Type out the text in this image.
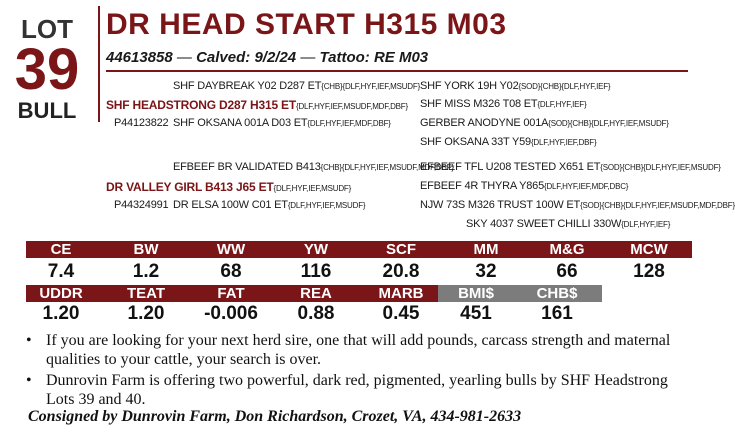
LOT
39
BULL
DR HEAD START H315 M03
44613858 — Calved: 9/2/24 — Tattoo: RE M03
SHF DAYBREAK Y02 D287 ET{CHB}{DLF,HYF,IEF,MSUDF}
SHF HEADSTRONG D287 H315 ET{DLF,HYF,IEF,MSUDF,MDF,DBF}
P44123822 SHF OKSANA 001A D03 ET{DLF,HYF,IEF,MDF,DBF}
SHF YORK 19H Y02{SOD}{CHB}{DLF,HYF,IEF}
SHF MISS M326 T08 ET{DLF,HYF,IEF}
GERBER ANODYNE 001A{SOD}{CHB}{DLF,HYF,IEF,MSUDF}
SHF OKSANA 33T Y59{DLF,HYF,IEF,DBF}
EFBEEF BR VALIDATED B413{CHB}{DLF,HYF,IEF,MSUDF,MDF,DBF}
DR VALLEY GIRL B413 J65 ET{DLF,HYF,IEF,MSUDF}
P44324991 DR ELSA 100W C01 ET{DLF,HYF,IEF,MSUDF}
EFBEEF TFL U208 TESTED X651 ET{SOD}{CHB}{DLF,HYF,IEF,MSUDF}
EFBEEF 4R THYRA Y865{DLF,HYF,IEF,MDF,DBC}
NJW 73S M326 TRUST 100W ET{SOD}{CHB}{DLF,HYF,IEF,MSUDF,MDF,DBF}
SKY 4037 SWEET CHILLI 330W{DLF,HYF,IEF}
CE	BW	WW	YW	SCF	MM	M&G	MCW
7.4	1.2	68	116	20.8	32	66	128
UDDR	TEAT	FAT	REA	MARB	BMI$	CHB$
1.20	1.20	-0.006	0.88	0.45	451	161
• If you are looking for your next herd sire, one that will add pounds, carcass strength and maternal qualities to your cattle, your search is over.
• Dunrovin Farm is offering two powerful, dark red, pigmented, yearling bulls by SHF Headstrong Lots 39 and 40.
Consigned by Dunrovin Farm, Don Richardson, Crozet, VA, 434-981-2633
